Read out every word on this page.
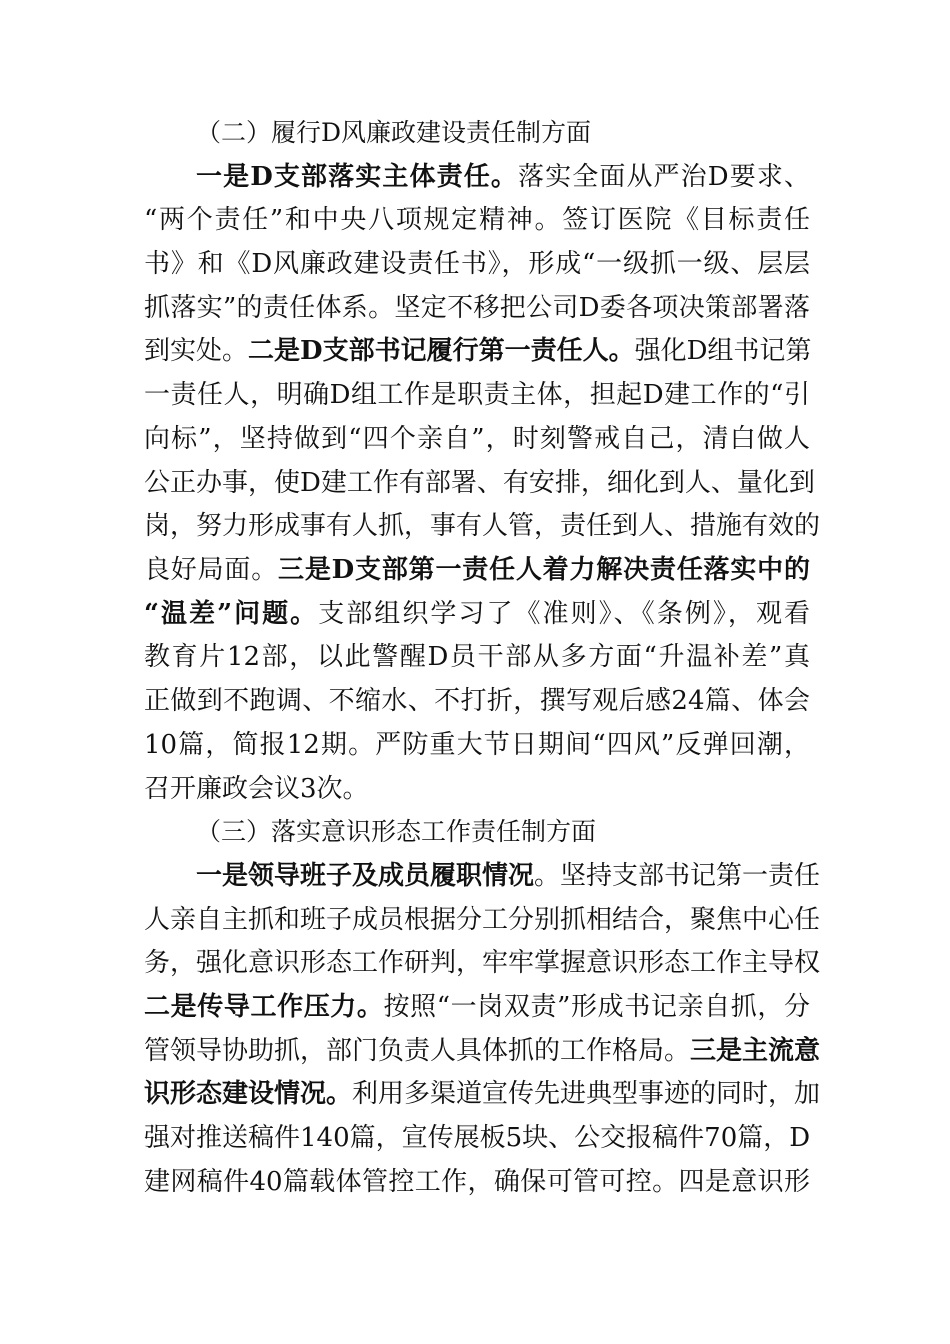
（二）履行D风廉政建设责任制方面
一是D支部落实主体责任。落实全面从严治D要求、
“两个责任”和中央八项规定精神。签订医院《目标责任
书》和《D风廉政建设责任书》，形成“一级抓一级、层层
抓落实”的责任体系。坚定不移把公司D委各项决策部署落
到实处。二是D支部书记履行第一责任人。强化D组书记第
一责任人，明确D组工作是职责主体，担起D建工作的“引
向标”，坚持做到“四个亲自”，时刻警戒自己，清白做人
公正办事，使D建工作有部署、有安排，细化到人、量化到
岗，努力形成事有人抓，事有人管，责任到人、措施有效的
良好局面。三是D支部第一责任人着力解决责任落实中的
“温差”问题。支部组织学习了《准则》、《条例》，观看
教育片12部，以此警醒D员干部从多方面“升温补差”真
正做到不跑调、不缩水、不打折，撰写观后感24篇、体会
10篇，简报12期。严防重大节日期间“四风”反弹回潮，
召开廉政会议3次。
（三）落实意识形态工作责任制方面
一是领导班子及成员履职情况。坚持支部书记第一责任
人亲自主抓和班子成员根据分工分别抓相结合，聚焦中心任
务，强化意识形态工作研判，牢牢掌握意识形态工作主导权
二是传导工作压力。按照“一岗双责”形成书记亲自抓，分
管领导协助抓，部门负责人具体抓的工作格局。三是主流意
识形态建设情况。利用多渠道宣传先进典型事迹的同时，加
强对推送稿件140篇，宣传展板5块、公交报稿件70篇，D
建网稿件40篇载体管控工作，确保可管可控。四是意识形
